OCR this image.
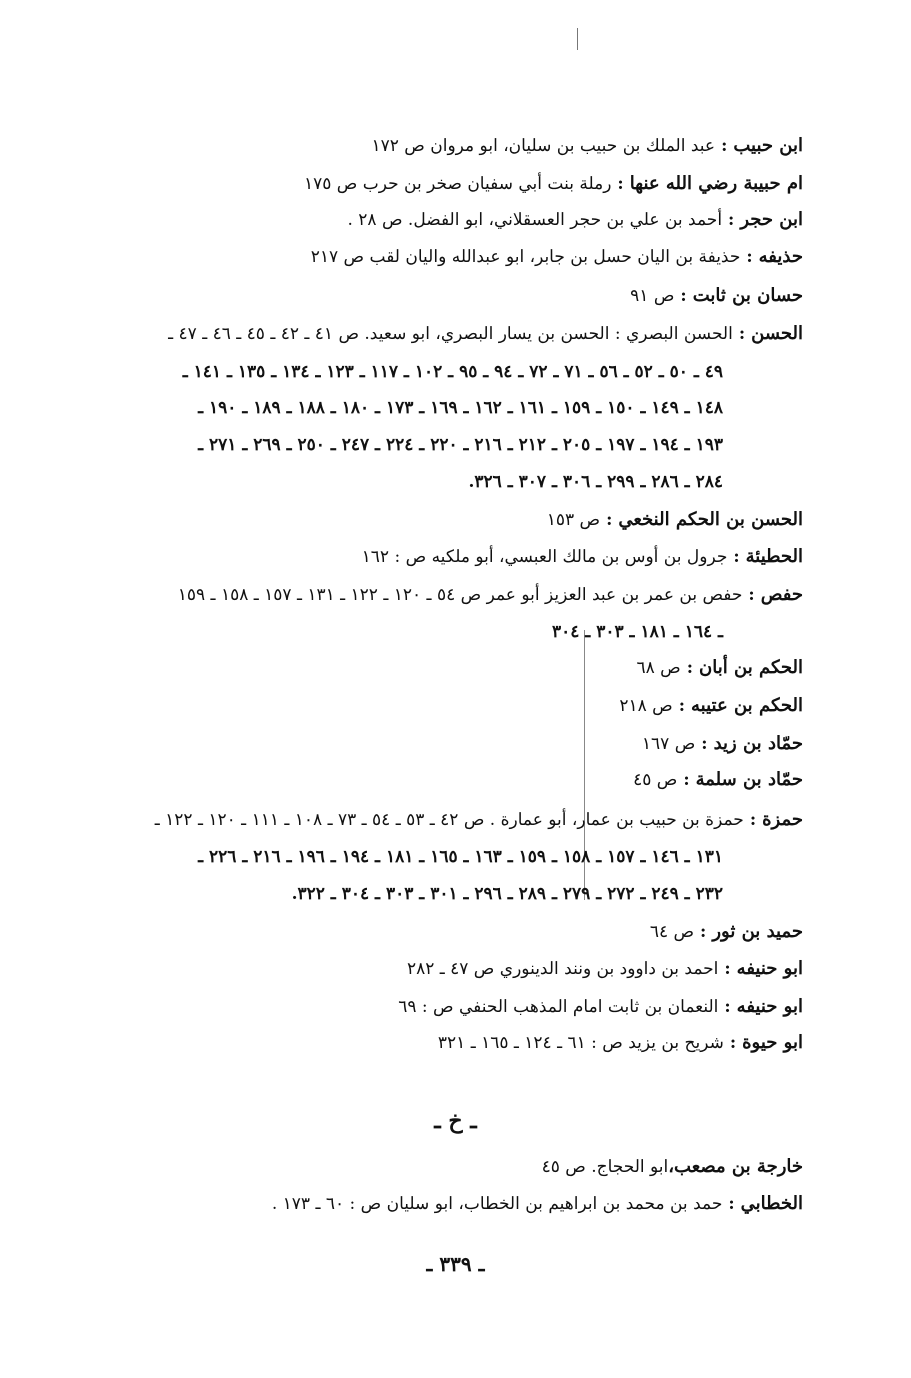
ابن حبيب:عبد الملك بن حبيب بن سليان، ابو مروان ص ١٧٢
ام حبيبة رضي الله عنها:رملة بنت أبي سفيان صخر بن حرب ص ١٧٥
ابن حجر:أحمد بن علي بن حجر العسقلاني، ابو الفضل. ص ٢٨ .
حذيفه:حذيفة بن اليان حسل بن جابر، ابو عبدالله واليان لقب ص ٢١٧
حسان بن ثابت:ص ٩١
الحسن:الحسن البصري : الحسن بن يسار البصري، ابو سعيد. ص ٤١ ـ ٤٢ ـ ٤٥ ـ ٤٦ ـ ٤٧ ـ
٤٩ ـ ٥٠ ـ ٥٢ ـ ٥٦ ـ ٧١ ـ ٧٢ ـ ٩٤ ـ ٩٥ ـ ١٠٢ ـ ١١٧ ـ ١٢٣ ـ ١٣٤ ـ ١٣٥ ـ ١٤١ ـ
١٤٨ ـ ١٤٩ ـ ١٥٠ ـ ١٥٩ ـ ١٦١ ـ ١٦٢ ـ ١٦٩ ـ ١٧٣ ـ ١٨٠ ـ ١٨٨ ـ ١٨٩ ـ ١٩٠ ـ
١٩٣ ـ ١٩٤ ـ ١٩٧ ـ ٢٠٥ ـ ٢١٢ ـ ٢١٦ ـ ٢٢٠ ـ ٢٢٤ ـ ٢٤٧ ـ ٢٥٠ ـ ٢٦٩ ـ ٢٧١ ـ
٢٨٤ ـ ٢٨٦ ـ ٢٩٩ ـ ٣٠٦ ـ ٣٠٧ ـ ٣٢٦.
الحسن بن الحكم النخعي:ص ١٥٣
الحطيئة:جرول بن أوس بن مالك العبسي، أبو ملكيه ص : ١٦٢
حفص:حفص بن عمر بن عبد العزيز أبو عمر ص ٥٤ ـ ١٢٠ ـ ١٢٢ ـ ١٣١ ـ ١٥٧ ـ ١٥٨ ـ ١٥٩
ـ ١٦٤ ـ ١٨١ ـ ٣٠٣ ـ ٣٠٤
الحكم بن أبان:ص ٦٨
الحكم بن عتيبه:ص ٢١٨
حمّاد بن زيد:ص ١٦٧
حمّاد بن سلمة:ص ٤٥
حمزة:حمزة بن حبيب بن عمار، أبو عمارة . ص ٤٢ ـ ٥٣ ـ ٥٤ ـ ٧٣ ـ ١٠٨ ـ ١١١ ـ ١٢٠ ـ ١٢٢ ـ
١٣١ ـ ١٤٦ ـ ١٥٧ ـ ١٥٨ ـ ١٥٩ ـ ١٦٣ ـ ١٦٥ ـ ١٨١ ـ ١٩٤ ـ ١٩٦ ـ ٢١٦ ـ ٢٢٦ ـ
٢٣٢ ـ ٢٤٩ ـ ٢٧٢ ـ ٢٧٩ ـ ٢٨٩ ـ ٢٩٦ ـ ٣٠١ ـ ٣٠٣ ـ ٣٠٤ ـ ٣٢٢.
حميد بن ثور:ص ٦٤
ابو حنيفه:احمد بن داوود بن ونند الدينوري ص ٤٧ ـ ٢٨٢
ابو حنيفه:النعمان بن ثابت امام المذهب الحنفي ص : ٦٩
ابو حيوة:شريح بن يزيد ص : ٦١ ـ ١٢٤ ـ ١٦٥ ـ ٣٢١
ـ خ ـ
خارجة بن مصعب،ابو الحجاج. ص ٤٥
الخطابي:حمد بن محمد بن ابراهيم بن الخطاب، ابو سليان ص : ٦٠ ـ ١٧٣ .
ـ ٣٣٩ ـ
